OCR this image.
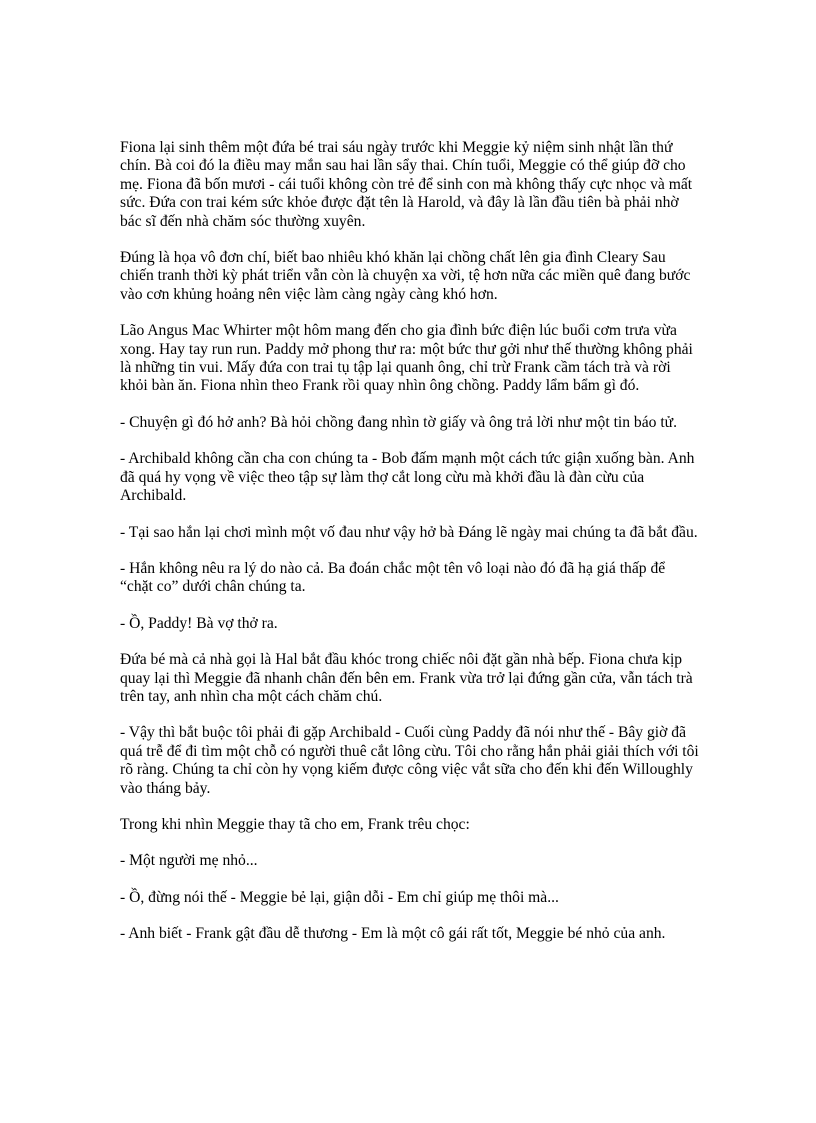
Fiona lại sinh thêm một đứa bé trai sáu ngày trước khi Meggie kỷ niệm sinh nhật lần thứ chín. Bà coi đó la điều may mắn sau hai lần sẩy thai. Chín tuổi, Meggie có thể giúp đỡ cho mẹ. Fiona đã bốn mươi - cái tuổi không còn trẻ để sinh con mà không thấy cực nhọc và mất sức. Đứa con trai kém sức khỏe được đặt tên là Harold, và đây là lần đầu tiên bà phải nhờ bác sĩ đến nhà chăm sóc thường xuyên.

Đúng là họa vô đơn chí, biết bao nhiêu khó khăn lại chồng chất lên gia đình Cleary Sau chiến tranh thời kỳ phát triển vẫn còn là chuyện xa vời, tệ hơn nữa các miền quê đang bước vào cơn khủng hoảng nên việc làm càng ngày càng khó hơn.

Lão Angus Mac Whirter một hôm mang đến cho gia đình bức điện lúc buổi cơm trưa vừa xong. Hay tay run run. Paddy mở phong thư ra: một bức thư gởi như thế thường không phải là những tin vui. Mấy đứa con trai tụ tập lại quanh ông, chỉ trừ Frank cầm tách trà và rời khỏi bàn ăn. Fiona nhìn theo Frank rồi quay nhìn ông chồng. Paddy lẩm bẩm gì đó.

- Chuyện gì đó hở anh? Bà hỏi chồng đang nhìn tờ giấy và ông trả lời như một tin báo tử.

- Archibald không cần cha con chúng ta - Bob đấm mạnh một cách tức giận xuống bàn. Anh đã quá hy vọng về việc theo tập sự làm thợ cắt long cừu mà khởi đầu là đàn cừu của Archibald.

- Tại sao hắn lại chơi mình một vố đau như vậy hở bà Đáng lẽ ngày mai chúng ta đã bắt đầu.

- Hắn không nêu ra lý do nào cả. Ba đoán chắc một tên vô loại nào đó đã hạ giá thấp để “chặt co” dưới chân chúng ta.

- Ồ, Paddy! Bà vợ thở ra.

Đứa bé mà cả nhà gọi là Hal bắt đầu khóc trong chiếc nôi đặt gần nhà bếp. Fiona chưa kịp quay lại thì Meggie đã nhanh chân đến bên em. Frank vừa trở lại đứng gần cửa, vẫn tách trà trên tay, anh nhìn cha một cách chăm chú.

- Vậy thì bắt buộc tôi phải đi gặp Archibald - Cuối cùng Paddy đã nói như thế - Bây giờ đã quá trễ để đi tìm một chỗ có người thuê cắt lông cừu. Tôi cho rằng hắn phải giải thích với tôi rõ ràng. Chúng ta chỉ còn hy vọng kiếm được công việc vắt sữa cho đến khi đến Willoughly vào tháng bảy.

Trong khi nhìn Meggie thay tã cho em, Frank trêu chọc:

- Một người mẹ nhỏ...

- Ồ, đừng nói thế - Meggie bẻ lại, giận dỗi - Em chỉ giúp mẹ thôi mà...

- Anh biết - Frank gật đầu dễ thương - Em là một cô gái rất tốt, Meggie bé nhỏ của anh.
